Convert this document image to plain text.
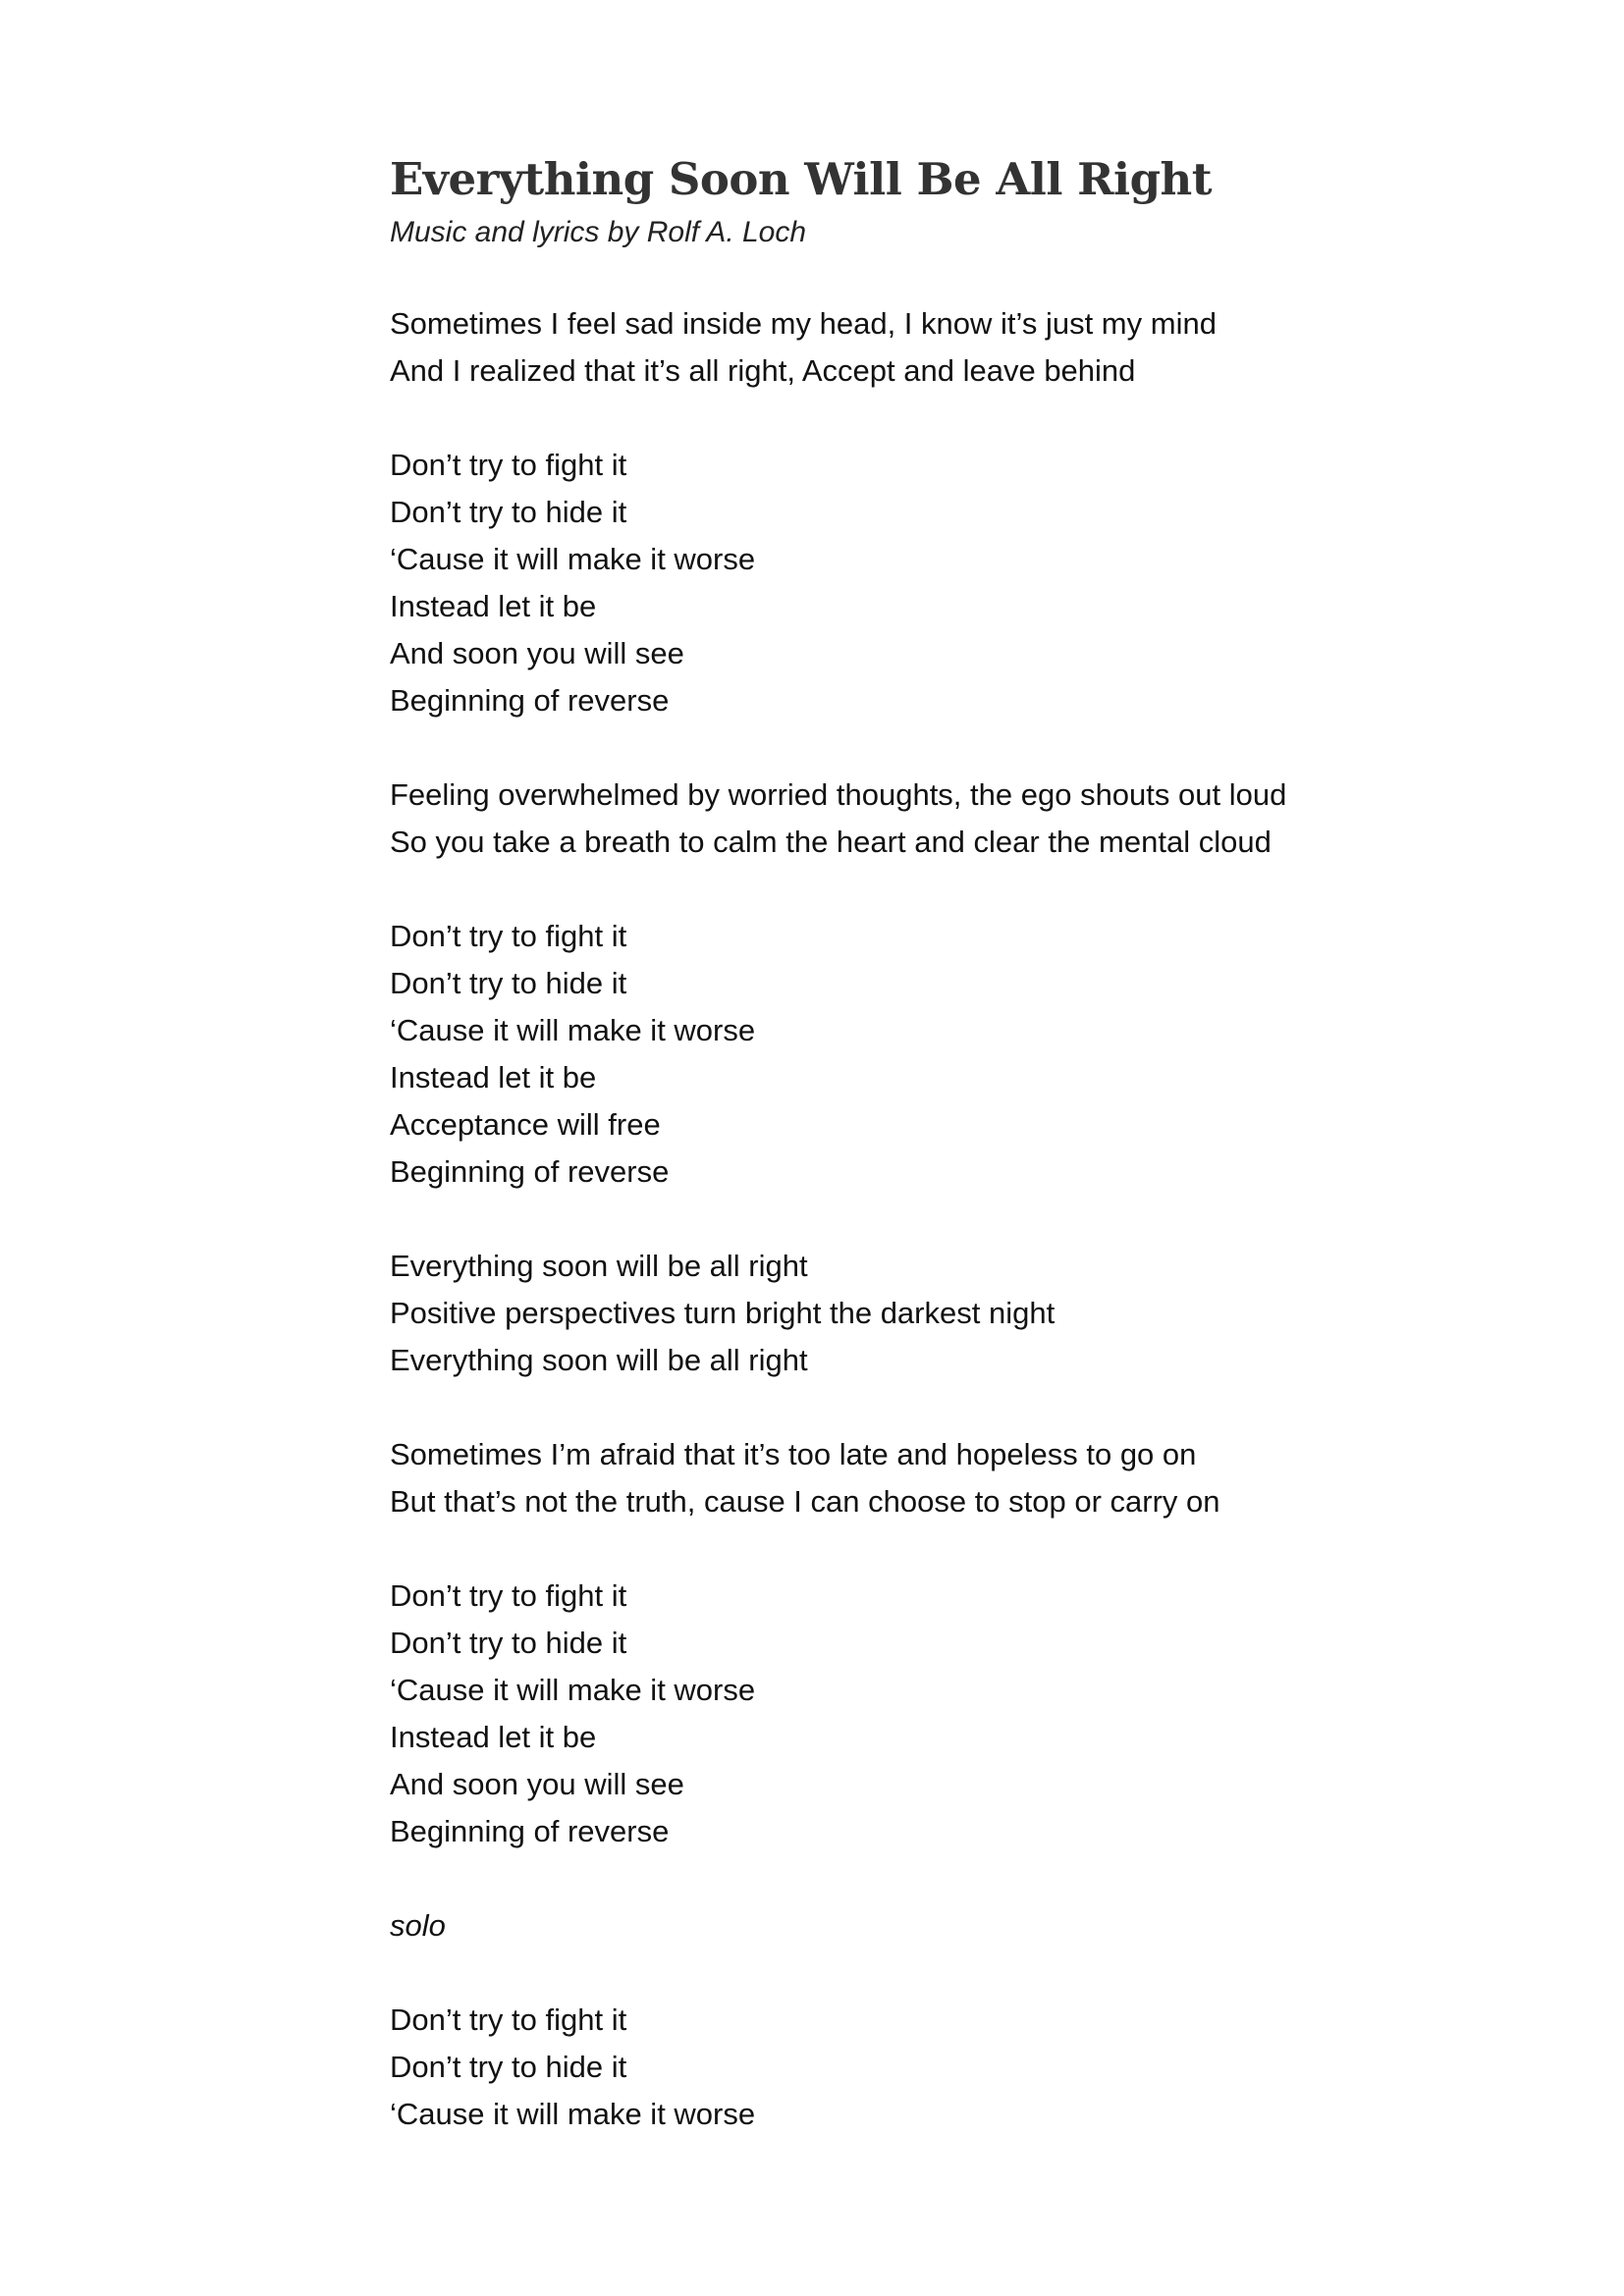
Everything Soon Will Be All Right

Music and lyrics by Rolf A. Loch

Sometimes I feel sad inside my head, I know it’s just my mind
And I realized that it’s all right, Accept and leave behind
Don’t try to fight it
Don’t try to hide it
‘Cause it will make it worse
Instead let it be
And soon you will see
Beginning of reverse
Feeling overwhelmed by worried thoughts, the ego shouts out loud
So you take a breath to calm the heart and clear the mental cloud
Don’t try to fight it
Don’t try to hide it
‘Cause it will make it worse
Instead let it be
Acceptance will free
Beginning of reverse
Everything soon will be all right
Positive perspectives turn bright the darkest night
Everything soon will be all right
Sometimes I’m afraid that it’s too late and hopeless to go on
But that’s not the truth, cause I can choose to stop or carry on
Don’t try to fight it
Don’t try to hide it
‘Cause it will make it worse
Instead let it be
And soon you will see
Beginning of reverse
solo
Don’t try to fight it
Don’t try to hide it
‘Cause it will make it worse
